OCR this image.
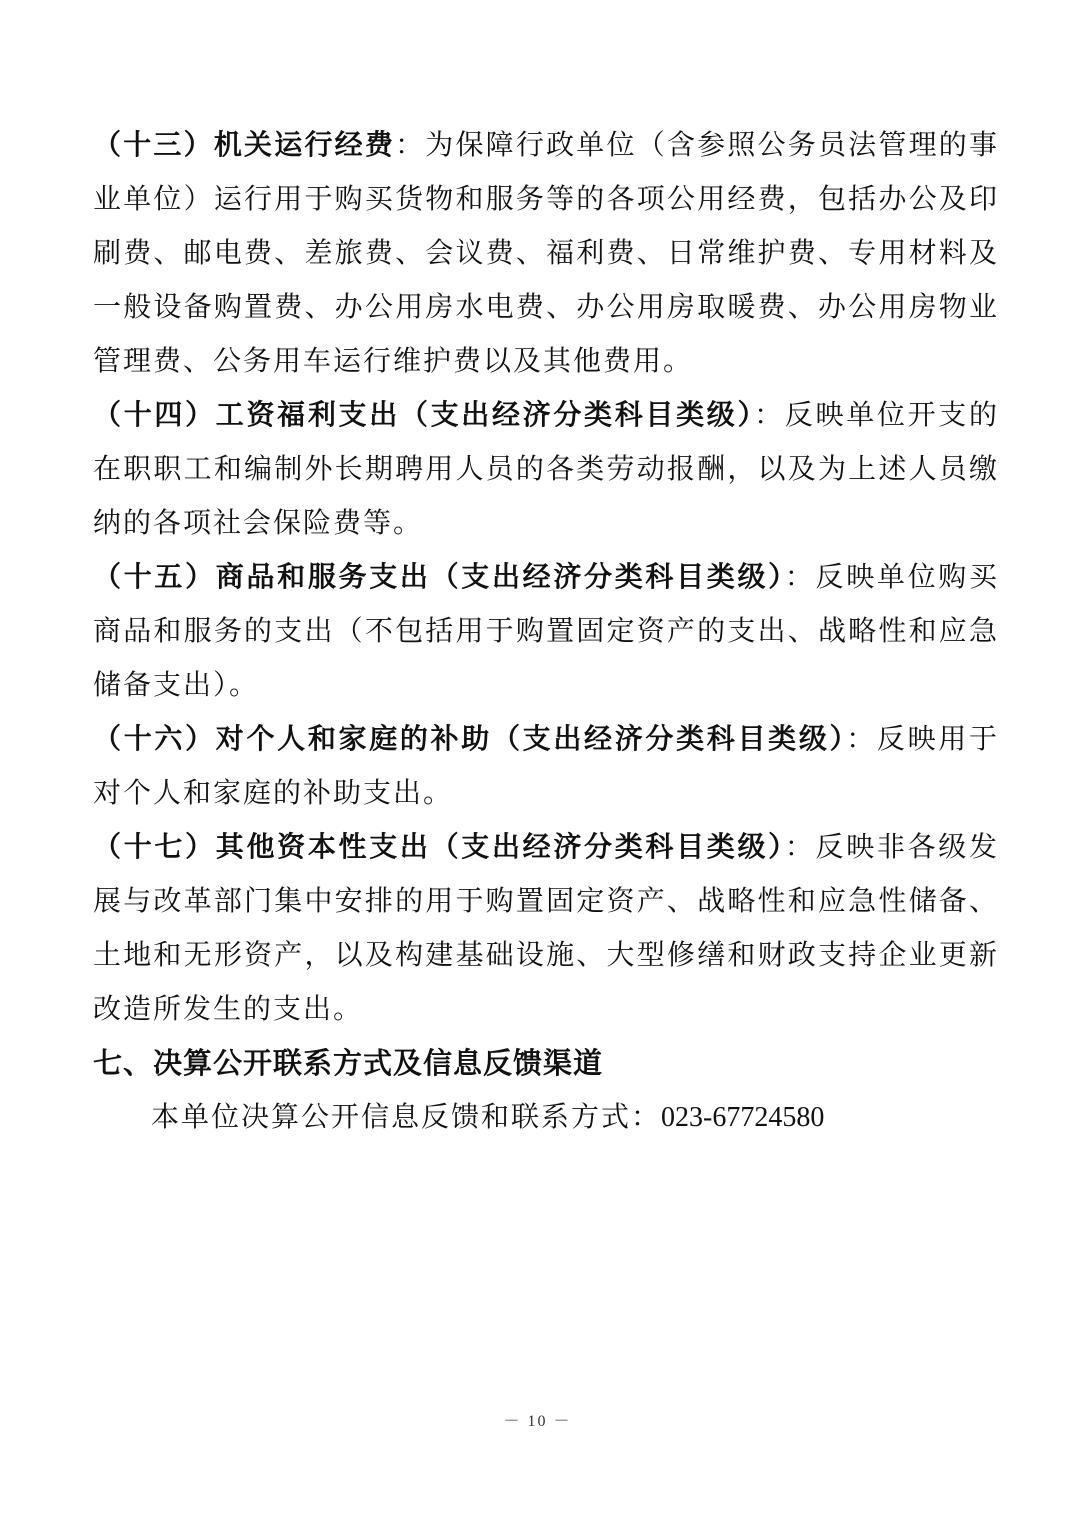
（十三）机关运行经费：为保障行政单位（含参照公务员法管理的事业单位）运行用于购买货物和服务等的各项公用经费，包括办公及印刷费、邮电费、差旅费、会议费、福利费、日常维护费、专用材料及一般设备购置费、办公用房水电费、办公用房取暖费、办公用房物业管理费、公务用车运行维护费以及其他费用。

（十四）工资福利支出（支出经济分类科目类级）：反映单位开支的在职职工和编制外长期聘用人员的各类劳动报酬，以及为上述人员缴纳的各项社会保险费等。

（十五）商品和服务支出（支出经济分类科目类级）：反映单位购买商品和服务的支出（不包括用于购置固定资产的支出、战略性和应急储备支出）。

（十六）对个人和家庭的补助（支出经济分类科目类级）：反映用于对个人和家庭的补助支出。

（十七）其他资本性支出（支出经济分类科目类级）：反映非各级发展与改革部门集中安排的用于购置固定资产、战略性和应急性储备、土地和无形资产，以及构建基础设施、大型修缮和财政支持企业更新改造所发生的支出。

七、决算公开联系方式及信息反馈渠道

本单位决算公开信息反馈和联系方式：023-67724580

－ 10 －
